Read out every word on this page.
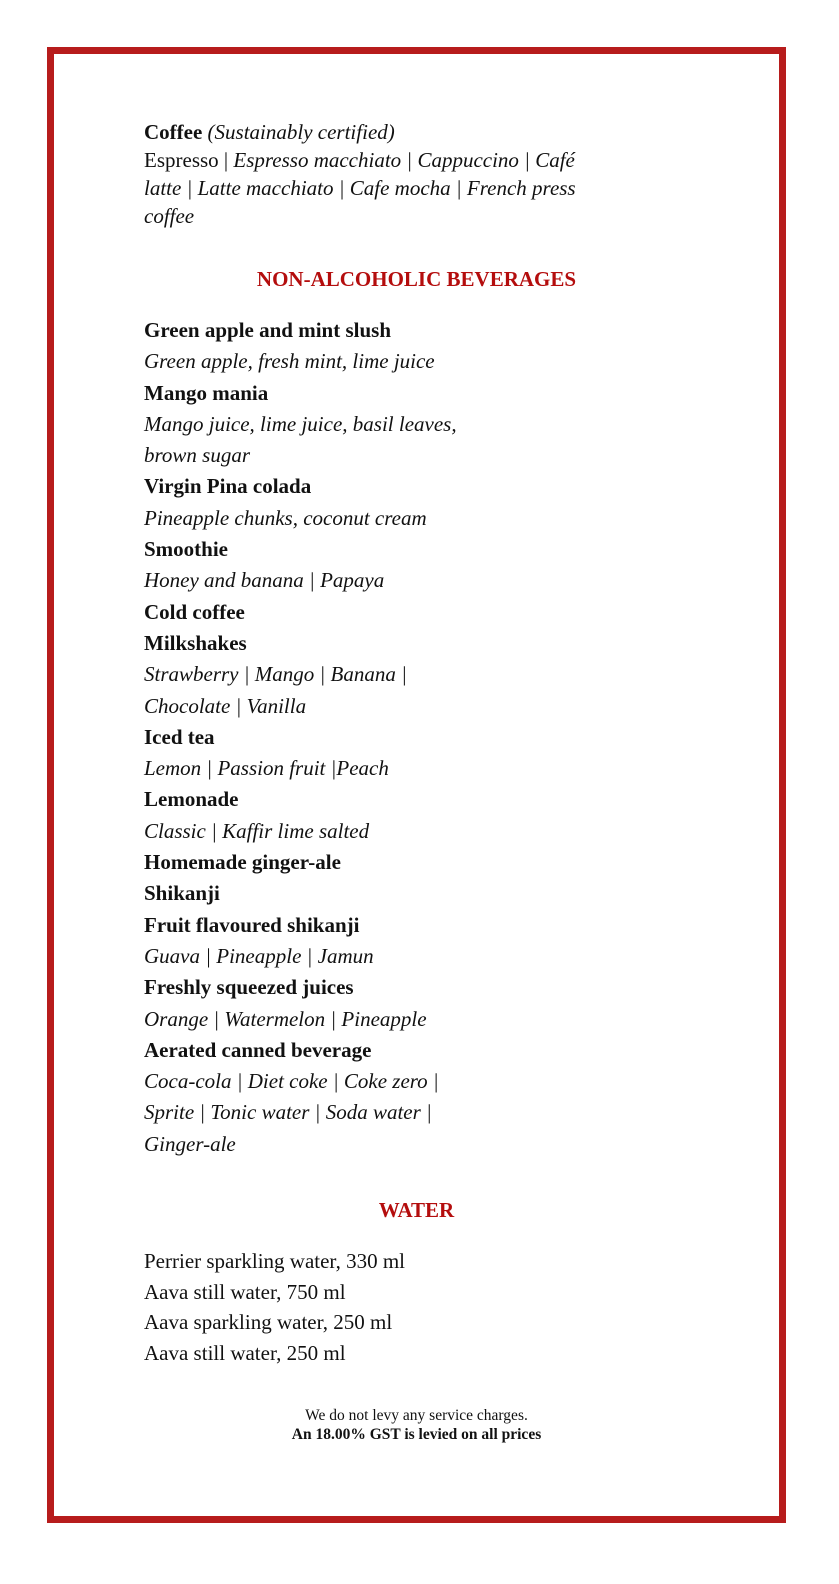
Coffee (Sustainably certified)
Espresso | Espresso macchiato | Cappuccino | Café
latte | Latte macchiato | Cafe mocha | French press
coffee
NON-ALCOHOLIC BEVERAGES
Green apple and mint slush
Green apple, fresh mint, lime juice
Mango mania
Mango juice, lime juice, basil leaves,
brown sugar
Virgin Pina colada
Pineapple chunks, coconut cream
Smoothie
Honey and banana | Papaya
Cold coffee
Milkshakes
Strawberry | Mango | Banana |
Chocolate | Vanilla
Iced tea
Lemon | Passion fruit |Peach
Lemonade
Classic | Kaffir lime salted
Homemade ginger-ale
Shikanji
Fruit flavoured shikanji
Guava | Pineapple | Jamun
Freshly squeezed juices
Orange | Watermelon | Pineapple
Aerated canned beverage
Coca-cola | Diet coke | Coke zero |
Sprite | Tonic water | Soda water |
Ginger-ale
WATER
Perrier sparkling water, 330 ml
Aava still water, 750 ml
Aava sparkling water, 250 ml
Aava still water, 250 ml
We do not levy any service charges.
An 18.00% GST is levied on all prices
